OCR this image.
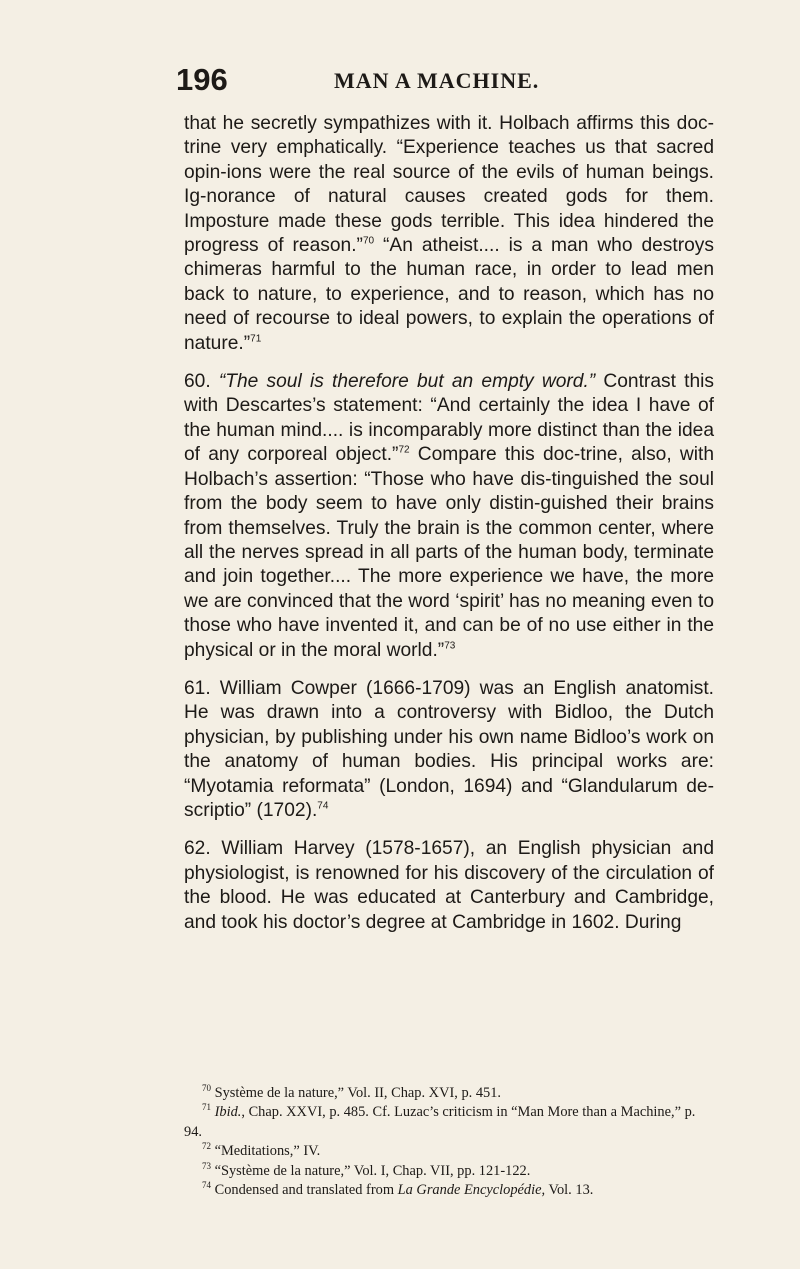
196	MAN A MACHINE.

that he secretly sympathizes with it. Holbach affirms this doc-trine very emphatically. “Experience teaches us that sacred opin-ions were the real source of the evils of human beings. Ig-norance of natural causes created gods for them. Imposture made these gods terrible. This idea hindered the progress of reason.”$^{70}$ “An atheist.... is a man who destroys chimeras harmful to the human race, in order to lead men back to nature, to experience, and to reason, which has no need of recourse to ideal powers, to explain the operations of nature.”$^{71}$

60. “The soul is therefore but an empty word.” Contrast this with Descartes’s statement: “And certainly the idea I have of the human mind.... is incomparably more distinct than the idea of any corporeal object.”$^{72}$ Compare this doc-trine, also, with Holbach’s assertion: “Those who have dis-tinguished the soul from the body seem to have only distin-guished their brains from themselves. Truly the brain is the common center, where all the nerves spread in all parts of the human body, terminate and join together.... The more experience we have, the more we are convinced that the word ‘spirit’ has no meaning even to those who have invented it, and can be of no use either in the physical or in the moral world.”$^{73}$

61. William Cowper (1666-1709) was an English anatomist. He was drawn into a controversy with Bidloo, the Dutch physician, by publishing under his own name Bidloo’s work on the anatomy of human bodies. His principal works are: “Myotamia reformata” (London, 1694) and “Glandularum de-scriptio” (1702).$^{74}$

62. William Harvey (1578-1657), an English physician and physiologist, is renowned for his discovery of the circulation of the blood. He was educated at Canterbury and Cambridge, and took his doctor’s degree at Cambridge in 1602. During

$^{70}$ Système de la nature,” Vol. II, Chap. XVI, p. 451.

$^{71}$ Ibid., Chap. XXVI, p. 485. Cf. Luzac’s criticism in “Man More than a Machine,” p. 94.

$^{72}$ “Meditations,” IV.

$^{73}$ “Système de la nature,” Vol. I, Chap. VII, pp. 121-122.

$^{74}$ Condensed and translated from La Grande Encyclopédie, Vol. 13.
